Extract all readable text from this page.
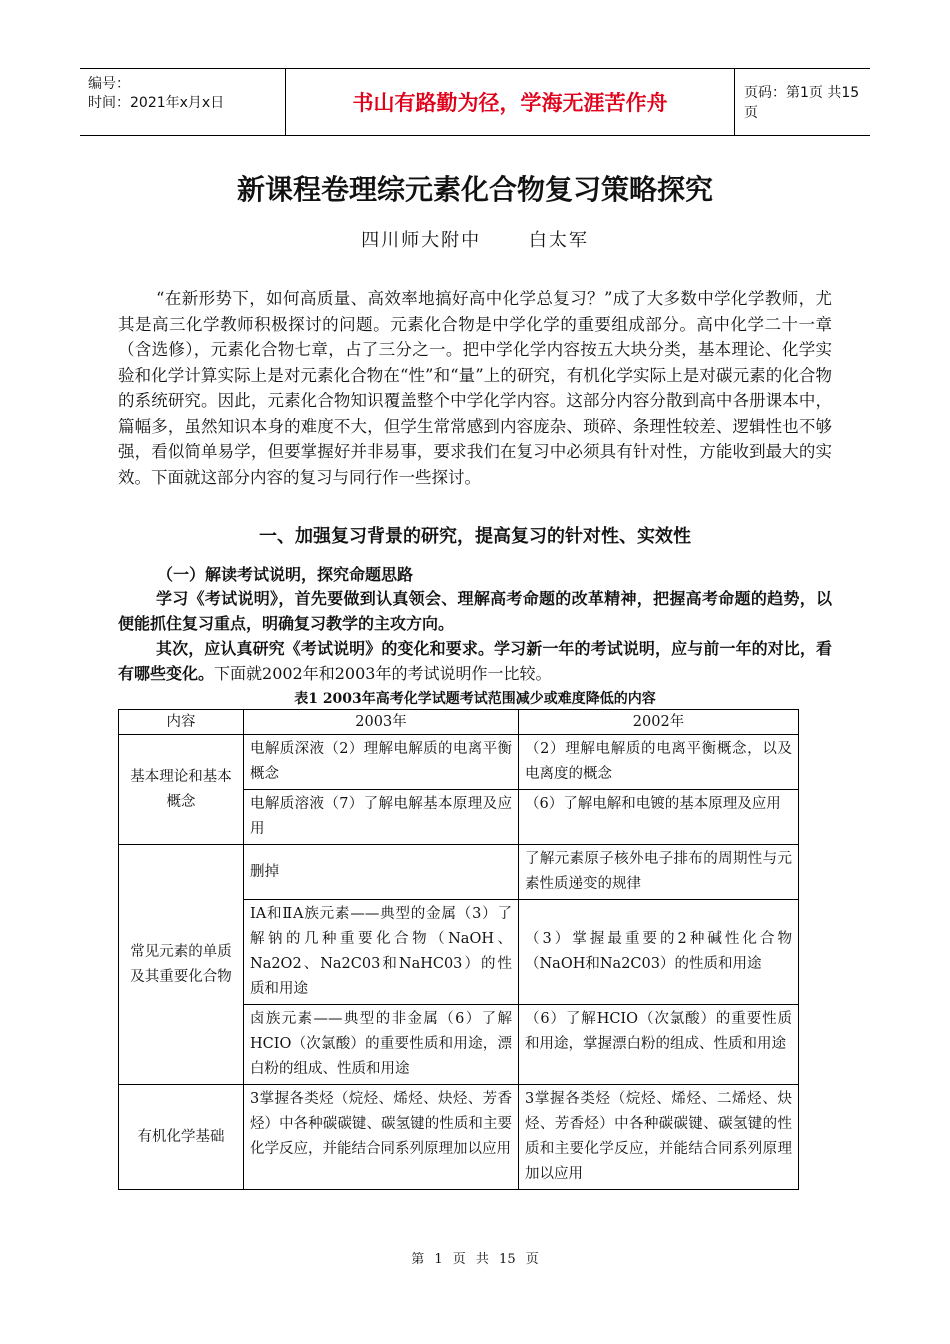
编号：
时间：2021年x月x日	书山有路勤为径，学海无涯苦作舟	页码：第1页 共15页
新课程卷理综元素化合物复习策略探究
四川师大附中 白太军

“在新形势下，如何高质量、高效率地搞好高中化学总复习？”成了大多数中学化学教师，尤其是高三化学教师积极探讨的问题。元素化合物是中学化学的重要组成部分。高中化学二十一章（含选修），元素化合物七章，占了三分之一。把中学化学内容按五大块分类，基本理论、化学实验和化学计算实际上是对元素化合物在“性”和“量”上的研究，有机化学实际上是对碳元素的化合物的系统研究。因此，元素化合物知识覆盖整个中学化学内容。这部分内容分散到高中各册课本中，篇幅多，虽然知识本身的难度不大，但学生常常感到内容庞杂、琐碎、条理性较差、逻辑性也不够强，看似简单易学，但要掌握好并非易事，要求我们在复习中必须具有针对性，方能收到最大的实效。下面就这部分内容的复习与同行作一些探讨。

一、加强复习背景的研究，提高复习的针对性、实效性
（一）解读考试说明，探究命题思路

学习《考试说明》，首先要做到认真领会、理解高考命题的改革精神，把握高考命题的趋势，以便能抓住复习重点，明确复习教学的主攻方向。

其次，应认真研究《考试说明》的变化和要求。学习新一年的考试说明，应与前一年的对比，看有哪些变化。下面就2002年和2003年的考试说明作一比较。

表1 2003年高考化学试题考试范围减少或难度降低的内容
内容	2003年	2002年
基本理论和基本概念	电解质深液（2）理解电解质的电离平衡概念	（2）理解电解质的电离平衡概念，以及电离度的概念
	电解质溶液（7）了解电解基本原理及应用	（6）了解电解和电镀的基本原理及应用
常见元素的单质及其重要化合物	删掉	了解元素原子核外电子排布的周期性与元素性质递变的规律
	IA和ⅡA族元素——典型的金属（3）了解钠的几种重要化合物（NaOH、Na2O2、Na2C03和NaHC03）的性质和用途	（3）掌握最重要的2种碱性化合物（NaOH和Na2C03）的性质和用途
	卤族元素——典型的非金属（6）了解HCIO（次氯酸）的重要性质和用途，漂白粉的组成、性质和用途	（6）了解HCIO（次氯酸）的重要性质和用途，掌握漂白粉的组成、性质和用途
有机化学基础	3掌握各类烃（烷烃、烯烃、炔烃、芳香烃）中各种碳碳键、碳氢键的性质和主要化学反应，并能结合同系列原理加以应用	3掌握各类烃（烷烃、烯烃、二烯烃、炔烃、芳香烃）中各种碳碳键、碳氢键的性质和主要化学反应，并能结合同系列原理加以应用
第 1 页 共 15 页
